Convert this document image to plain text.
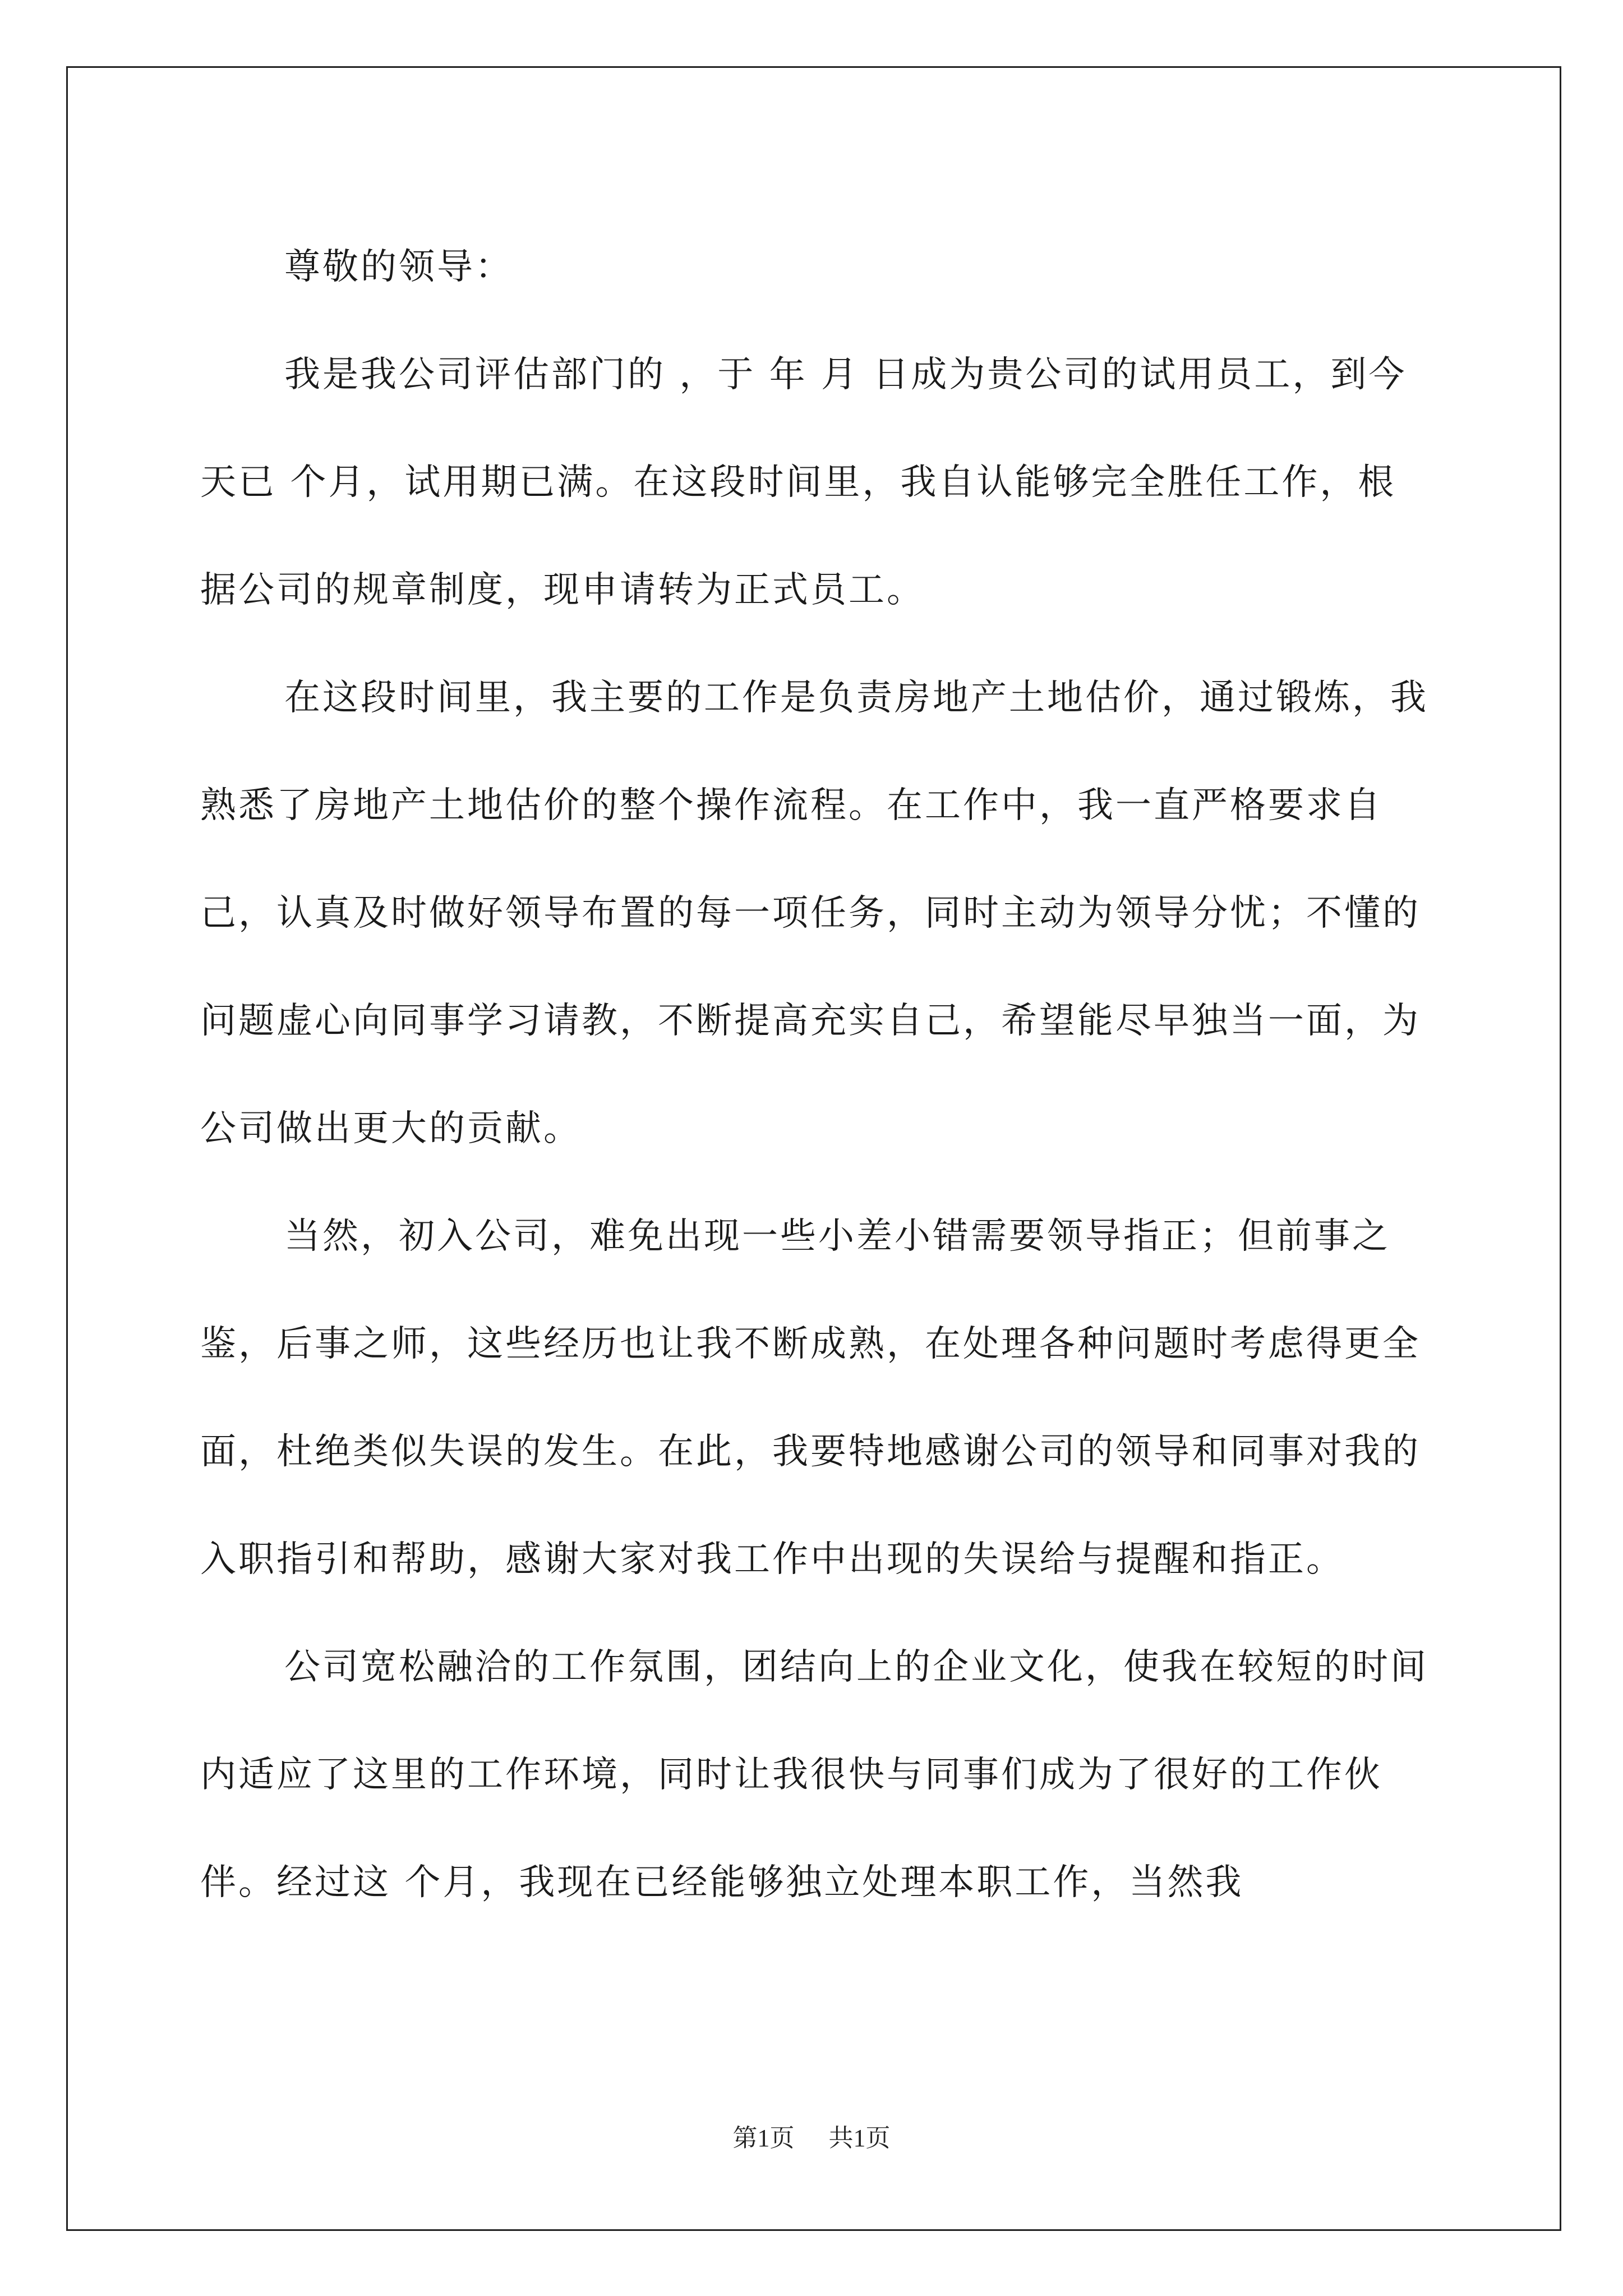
尊敬的领导：

我是我公司评估部门的 ，于 年 月 日成为贵公司的试用员工，到今天已 个月，试用期已满。在这段时间里，我自认能够完全胜任工作，根据公司的规章制度，现申请转为正式员工。

在这段时间里，我主要的工作是负责房地产土地估价，通过锻炼，我熟悉了房地产土地估价的整个操作流程。在工作中，我一直严格要求自己，认真及时做好领导布置的每一项任务，同时主动为领导分忧；不懂的问题虚心向同事学习请教，不断提高充实自己，希望能尽早独当一面，为公司做出更大的贡献。

当然，初入公司，难免出现一些小差小错需要领导指正；但前事之鉴，后事之师，这些经历也让我不断成熟，在处理各种问题时考虑得更全面，杜绝类似失误的发生。在此，我要特地感谢公司的领导和同事对我的入职指引和帮助，感谢大家对我工作中出现的失误给与提醒和指正。

公司宽松融洽的工作氛围，团结向上的企业文化，使我在较短的时间内适应了这里的工作环境，同时让我很快与同事们成为了很好的工作伙伴。经过这 个月，我现在已经能够独立处理本职工作，当然我

第1页 共1页
